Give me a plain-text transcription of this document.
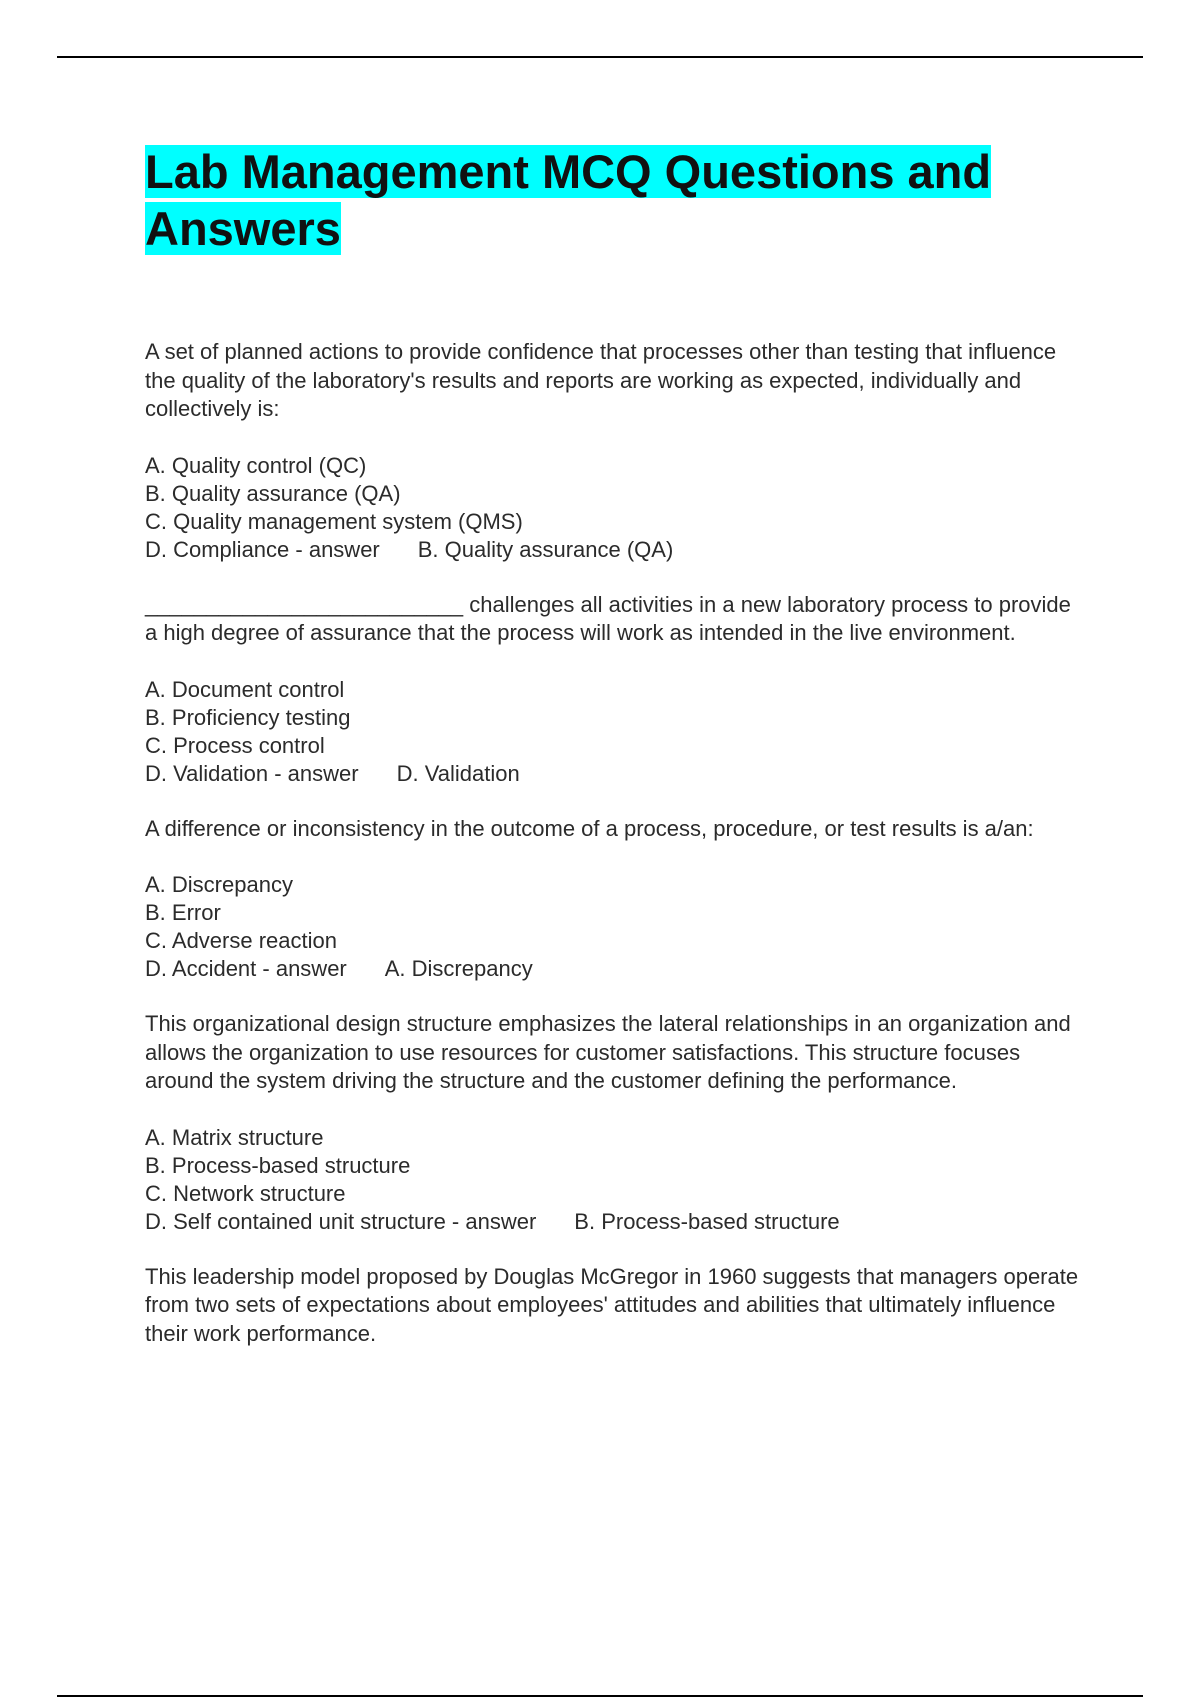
Lab Management MCQ Questions and Answers

A set of planned actions to provide confidence that processes other than testing that influence the quality of the laboratory's results and reports are working as expected, individually and collectively is:

A. Quality control (QC)
B. Quality assurance (QA)
C. Quality management system (QMS)
D. Compliance - answer B. Quality assurance (QA)

__________________________ challenges all activities in a new laboratory process to provide a high degree of assurance that the process will work as intended in the live environment.

A. Document control
B. Proficiency testing
C. Process control
D. Validation - answer D. Validation

A difference or inconsistency in the outcome of a process, procedure, or test results is a/an:

A. Discrepancy
B. Error
C. Adverse reaction
D. Accident - answer A. Discrepancy

This organizational design structure emphasizes the lateral relationships in an organization and allows the organization to use resources for customer satisfactions. This structure focuses around the system driving the structure and the customer defining the performance.

A. Matrix structure
B. Process-based structure
C. Network structure
D. Self contained unit structure - answer B. Process-based structure

This leadership model proposed by Douglas McGregor in 1960 suggests that managers operate from two sets of expectations about employees' attitudes and abilities that ultimately influence their work performance.
